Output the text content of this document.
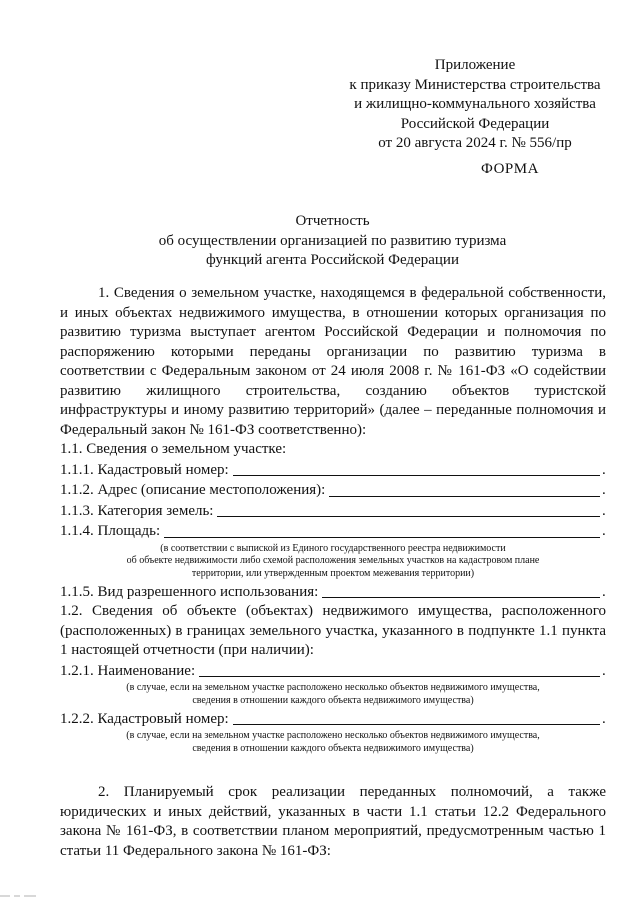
Приложение
к приказу Министерства строительства
и жилищно-коммунального хозяйства
Российской Федерации
от 20 августа 2024 г. № 556/пр
ФОРМА
Отчетность
об осуществлении организацией по развитию туризма
функций агента Российской Федерации

1. Сведения о земельном участке, находящемся в федеральной собственности, и иных объектах недвижимого имущества, в отношении которых организация по развитию туризма выступает агентом Российской Федерации и полномочия по распоряжению которыми переданы организации по развитию туризма в соответствии с Федеральным законом от 24 июля 2008 г. № 161-ФЗ «О содействии развитию жилищного строительства, созданию объектов туристской инфраструктуры и иному развитию территорий» (далее – переданные полномочия и Федеральный закон № 161-ФЗ соответственно):

1.1. Сведения о земельном участке:

1.1.1. Кадастровый номер:	.
1.1.2. Адрес (описание местоположения):	.
1.1.3. Категория земель:	.
1.1.4. Площадь:	.
(в соответствии с выпиской из Единого государственного реестра недвижимости
об объекте недвижимости либо схемой расположения земельных участков на кадастровом плане
территории, или утвержденным проектом межевания территории)
1.1.5. Вид разрешенного использования:	.

1.2. Сведения об объекте (объектах) недвижимого имущества, расположенного (расположенных) в границах земельного участка, указанного в подпункте 1.1 пункта 1 настоящей отчетности (при наличии):

1.2.1. Наименование:	.
(в случае, если на земельном участке расположено несколько объектов недвижимого имущества,
сведения в отношении каждого объекта недвижимого имущества)
1.2.2. Кадастровый номер:	.
(в случае, если на земельном участке расположено несколько объектов недвижимого имущества,
сведения в отношении каждого объекта недвижимого имущества)

2. Планируемый срок реализации переданных полномочий, а также юридических и иных действий, указанных в части 1.1 статьи 12.2 Федерального закона № 161-ФЗ, в соответствии планом мероприятий, предусмотренным частью 1 статьи 11 Федерального закона № 161-ФЗ:
